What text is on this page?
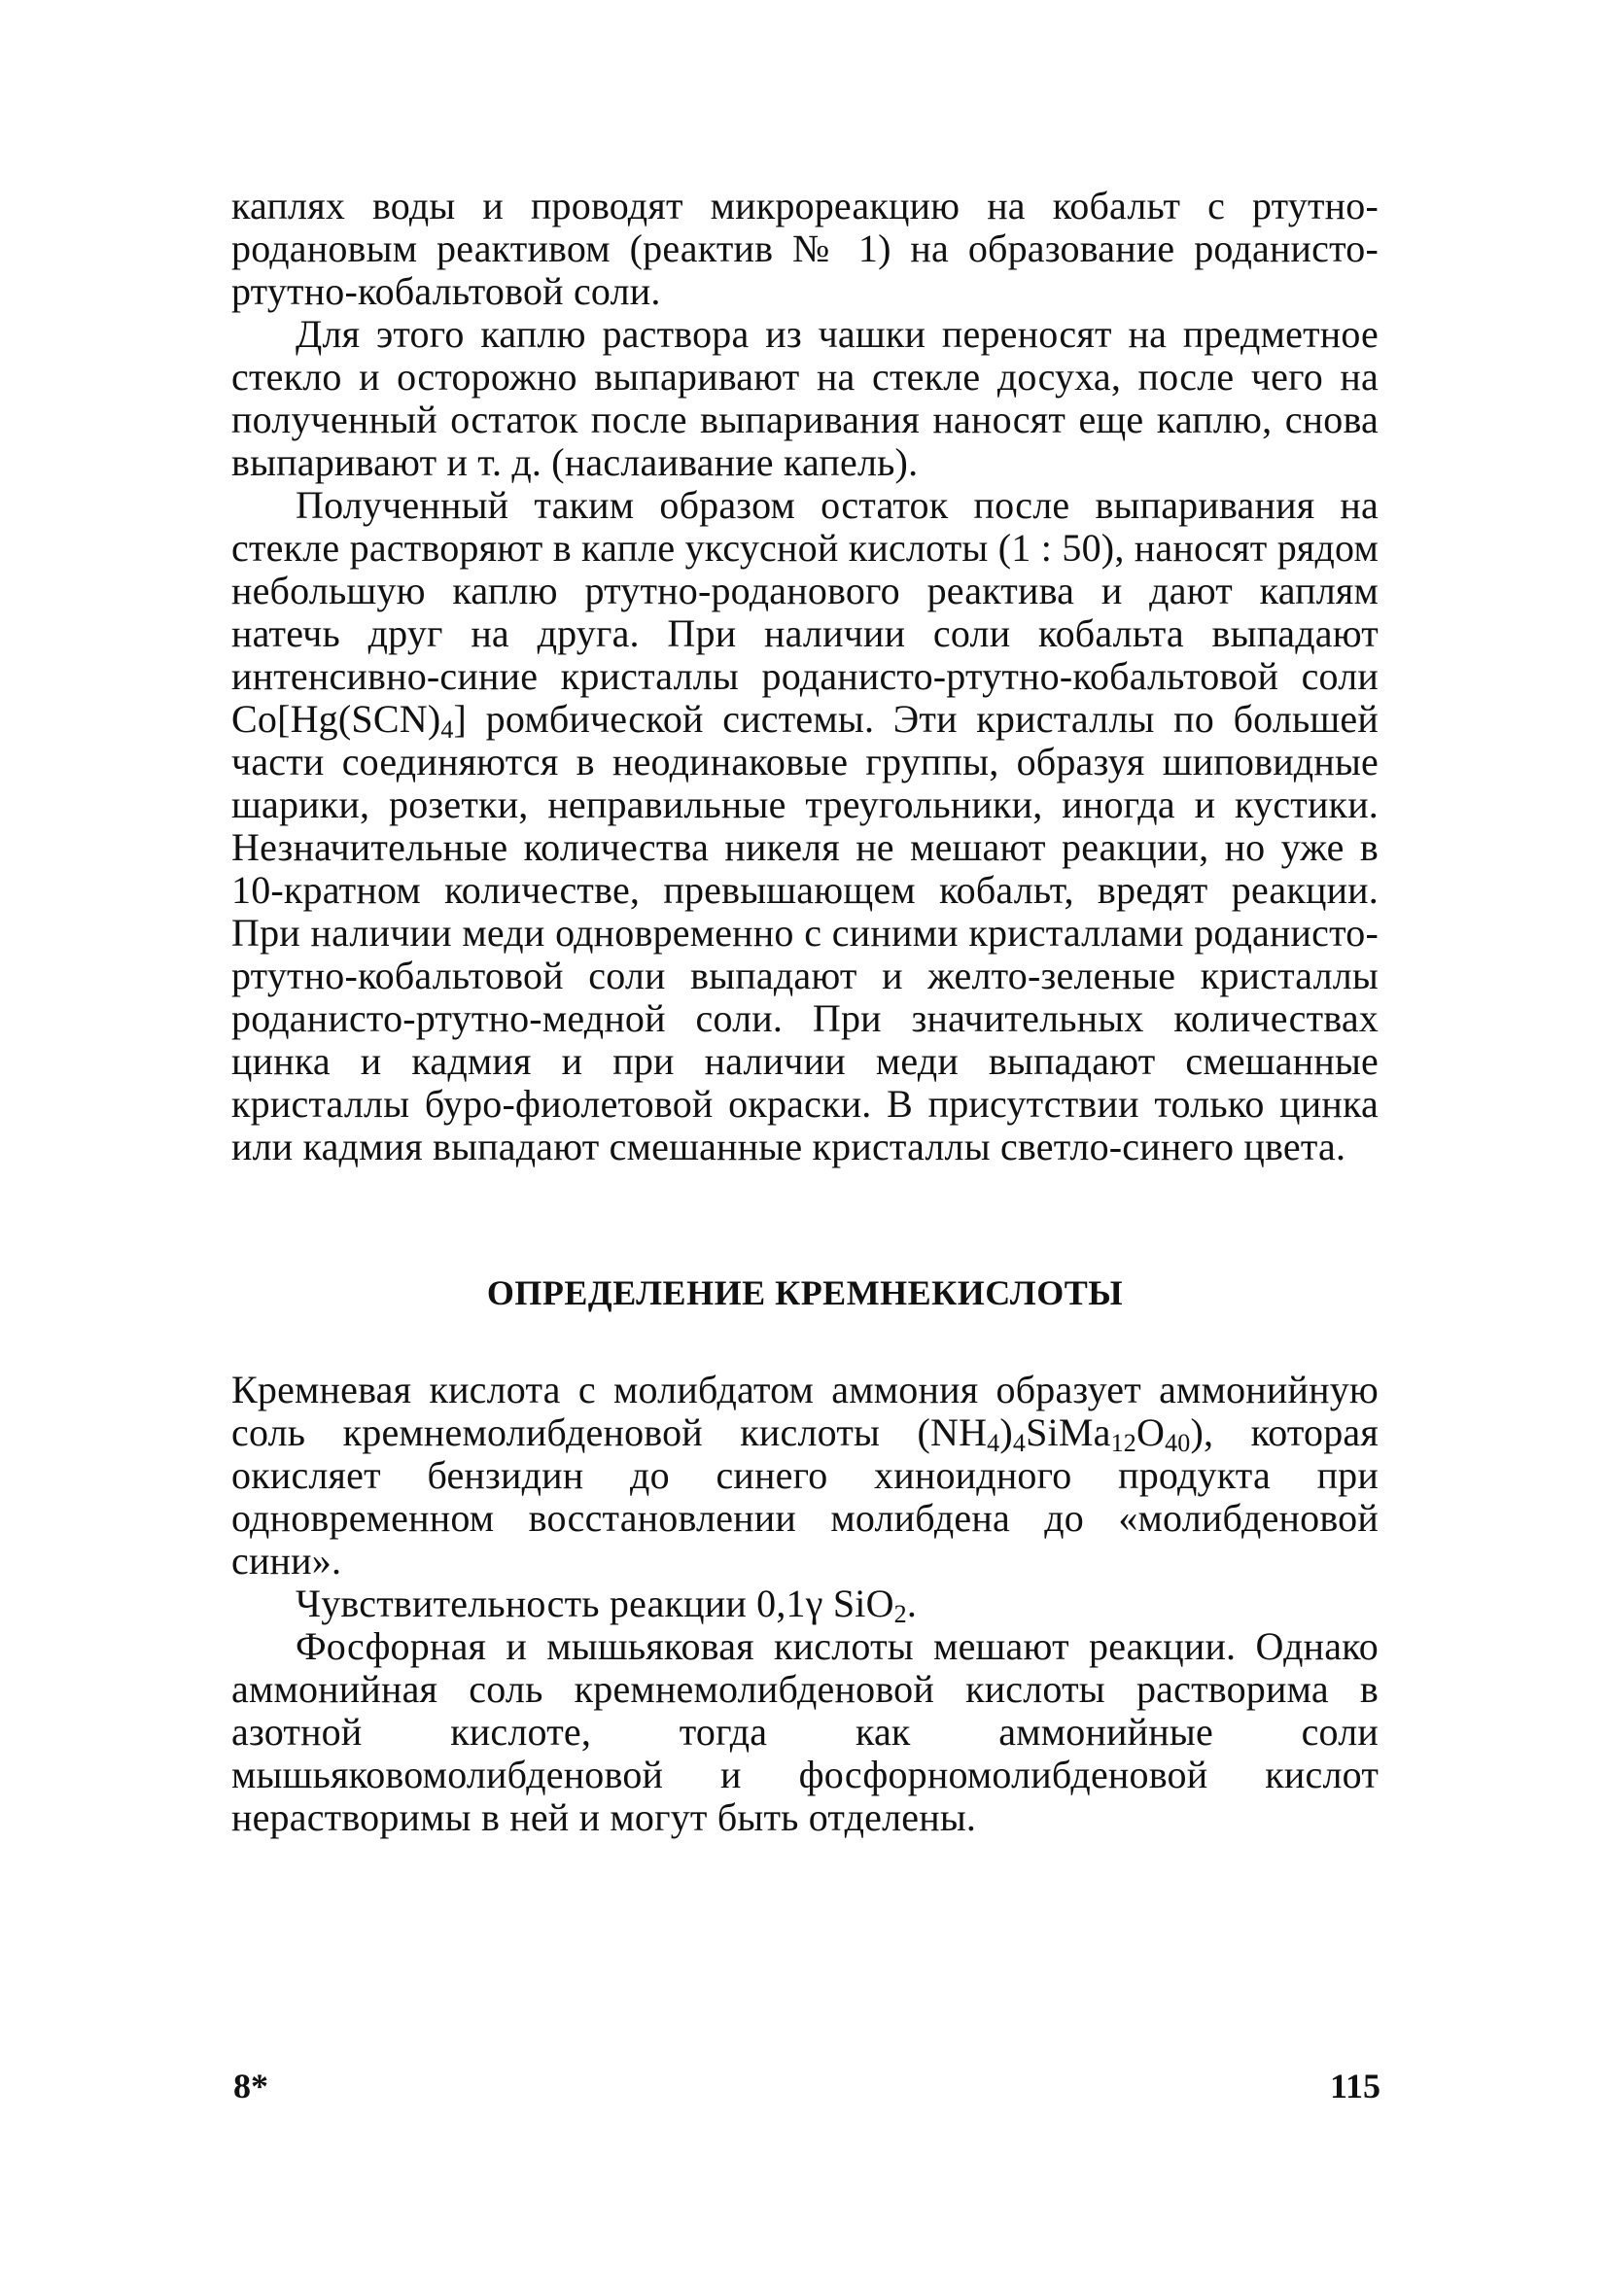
каплях воды и проводят микрореакцию на кобальт с ртутно-родановым реактивом (реактив № 1) на образование роданисто-ртутно-кобальтовой соли.

Для этого каплю раствора из чашки переносят на предметное стекло и осторожно выпаривают на стекле досуха, после чего на полученный остаток после выпаривания наносят еще каплю, снова выпаривают и т. д. (наслаивание капель).

Полученный таким образом остаток после выпаривания на стекле растворяют в капле уксусной кислоты (1 : 50), наносят рядом небольшую каплю ртутно-роданового реактива и дают каплям натечь друг на друга. При наличии соли кобальта выпадают интенсивно-синие кристаллы роданисто-ртутно-кобальтовой соли $Co[Hg(SCN)_4]$ ромбической системы. Эти кристаллы по большей части соединяются в неодинаковые группы, образуя шиповидные шарики, розетки, неправильные треугольники, иногда и кустики. Незначительные количества никеля не мешают реакции, но уже в 10-кратном количестве, превышающем кобальт, вредят реакции. При наличии меди одновременно с синими кристаллами роданисто-ртутно-кобальтовой соли выпадают и желто-зеленые кристаллы роданисто-ртутно-медной соли. При значительных количествах цинка и кадмия и при наличии меди выпадают смешанные кристаллы буро-фиолетовой окраски. В присутствии только цинка или кадмия выпадают смешанные кристаллы светло-синего цвета.

ОПРЕДЕЛЕНИЕ КРЕМНЕКИСЛОТЫ

Кремневая кислота с молибдатом аммония образует аммонийную соль кремнемолибденовой кислоты $(NH_4)_4SiMa_{12}O_{40}$), которая окисляет бензидин до синего хиноидного продукта при одновременном восстановлении молибдена до «молибденовой сини».

Чувствительность реакции 0,1γ SiO$_2$.

Фосфорная и мышьяковая кислоты мешают реакции. Однако аммонийная соль кремнемолибденовой кислоты растворима в азотной кислоте, тогда как аммонийные соли мышьяковомолибденовой и фосфорномолибденовой кислот нерастворимы в ней и могут быть отделены.

8*	115
